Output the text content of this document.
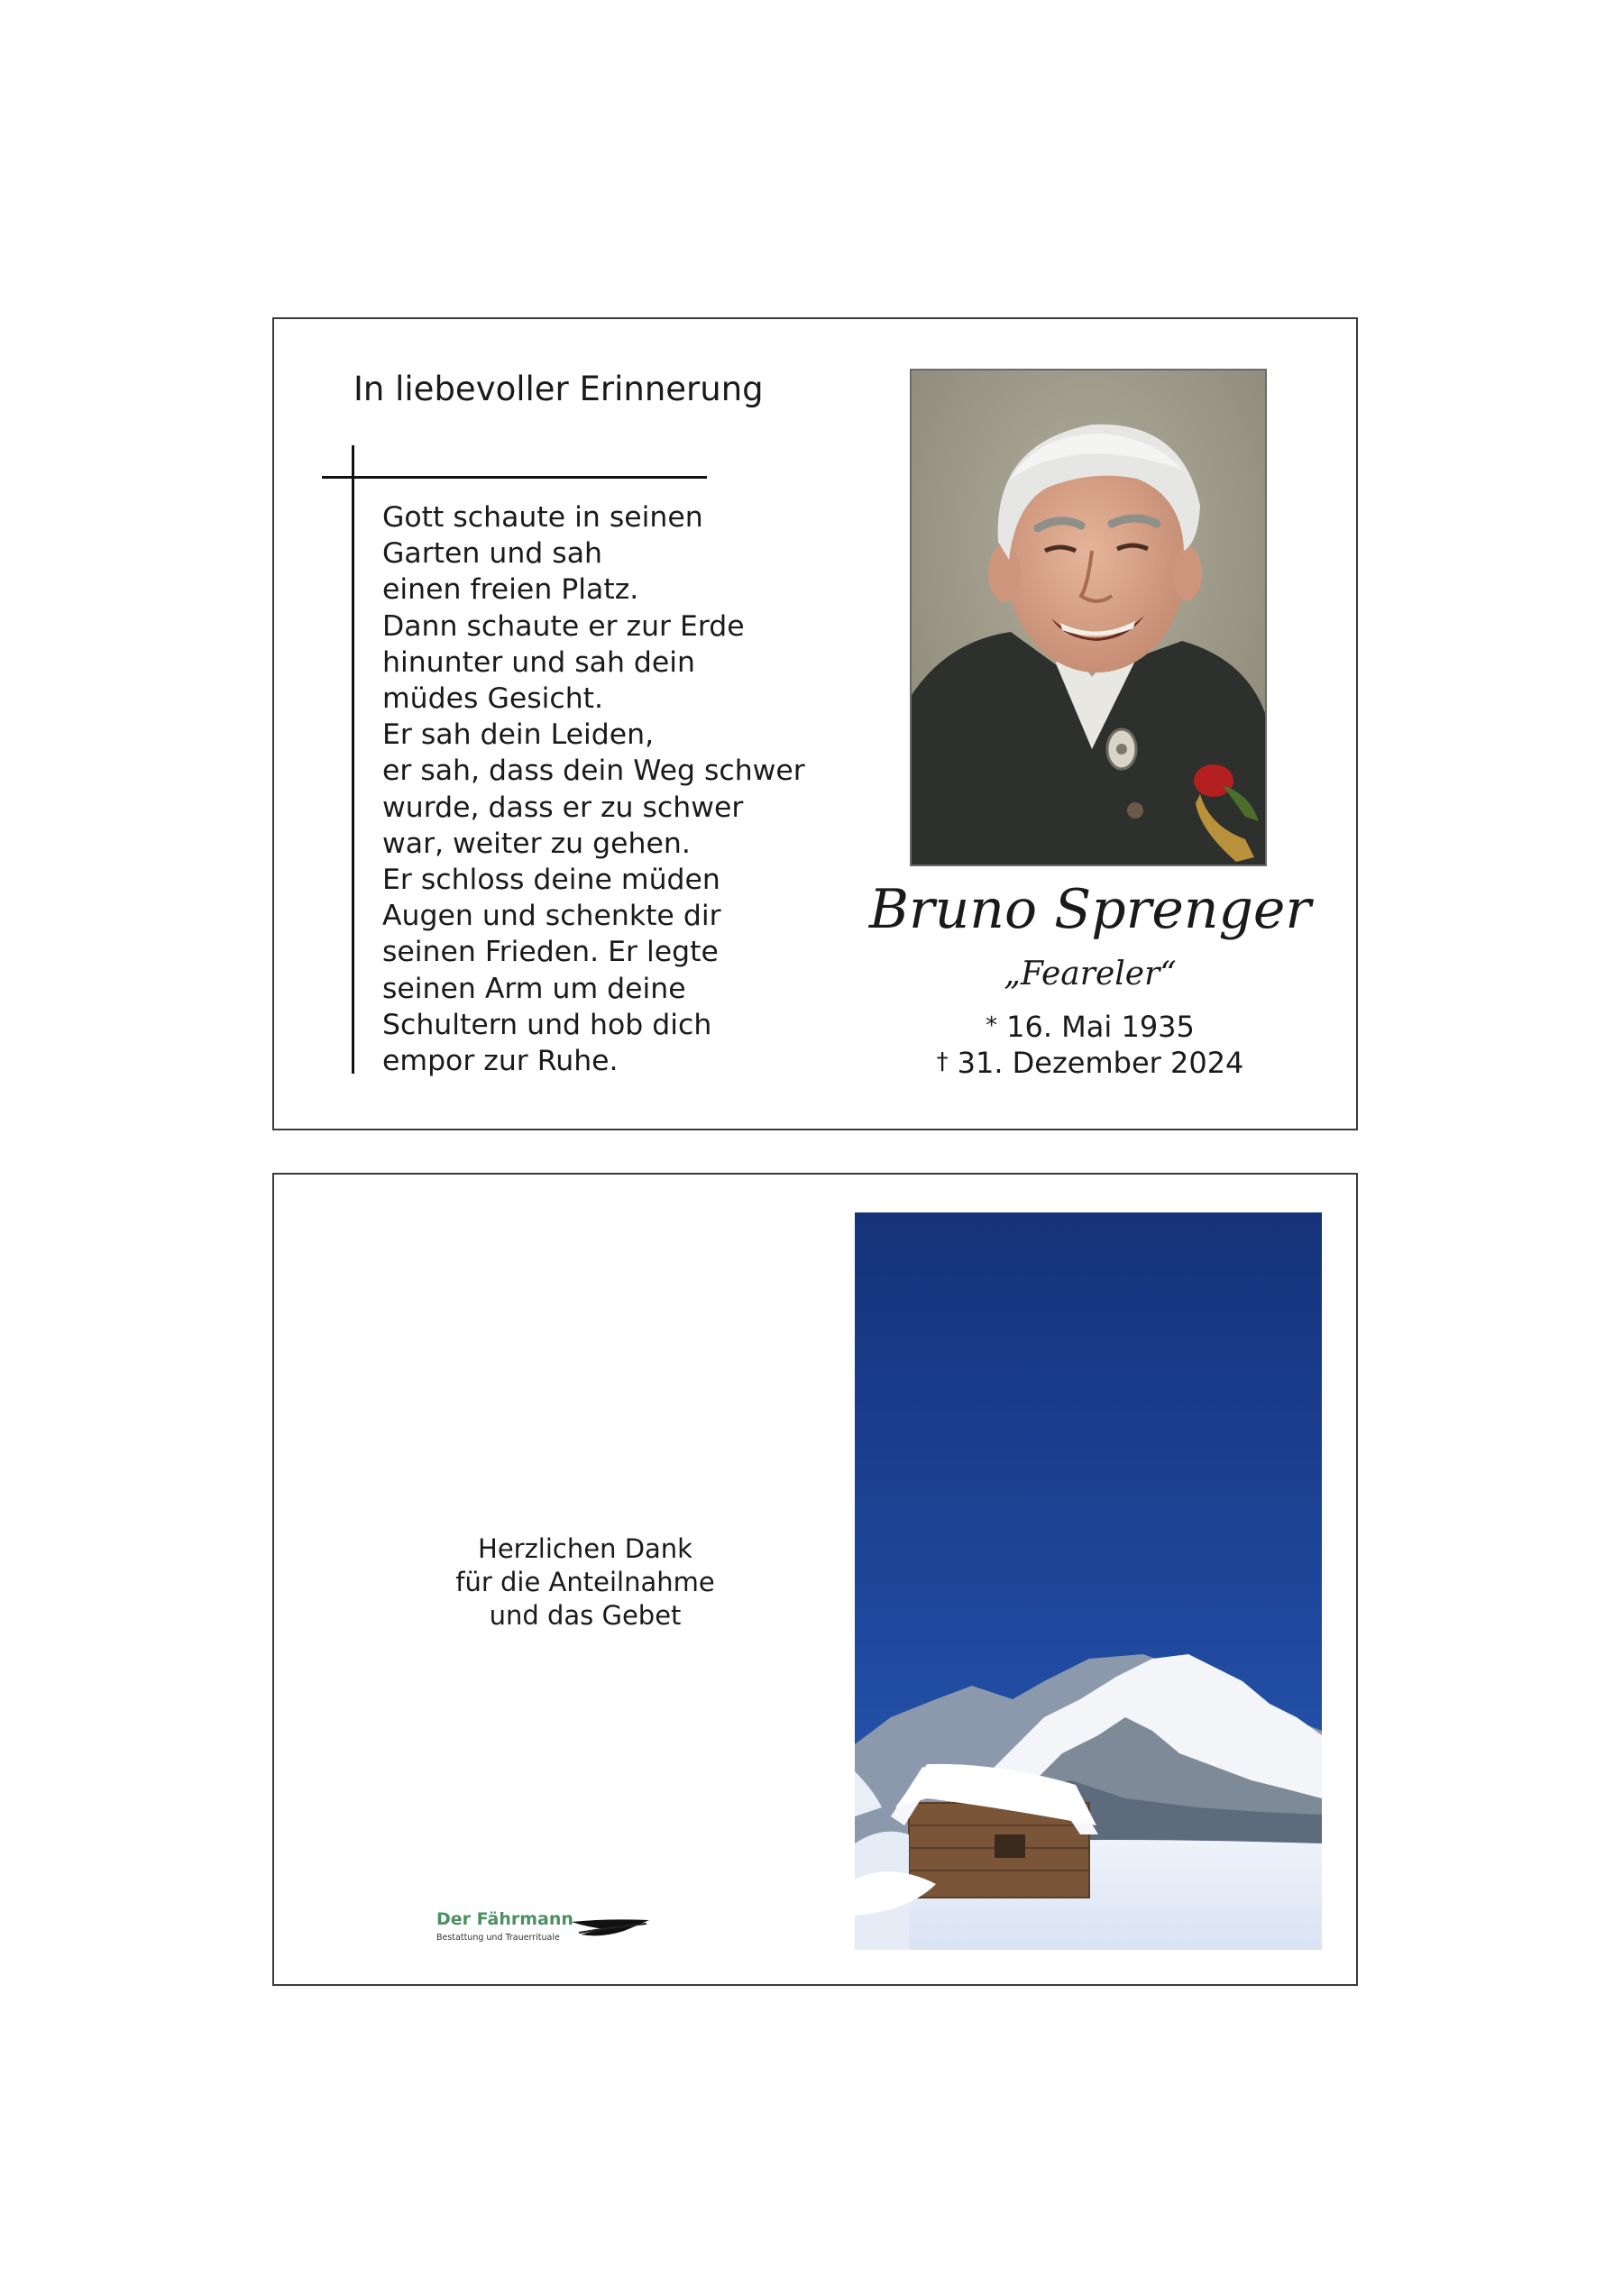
In liebevoller Erinnerung
Gott schaute in seinen
Garten und sah
einen freien Platz.
Dann schaute er zur Erde
hinunter und sah dein
müdes Gesicht.
Er sah dein Leiden,
er sah, dass dein Weg schwer
wurde, dass er zu schwer
war, weiter zu gehen.
Er schloss deine müden
Augen und schenkte dir
seinen Frieden. Er legte
seinen Arm um deine
Schultern und hob dich
empor zur Ruhe.
Bruno Sprenger
„Feareler“
* 16. Mai 1935
† 31. Dezember 2024
Herzlichen Dank
für die Anteilnahme
und das Gebet
Der Fährmann
Bestattung und Trauerrituale
